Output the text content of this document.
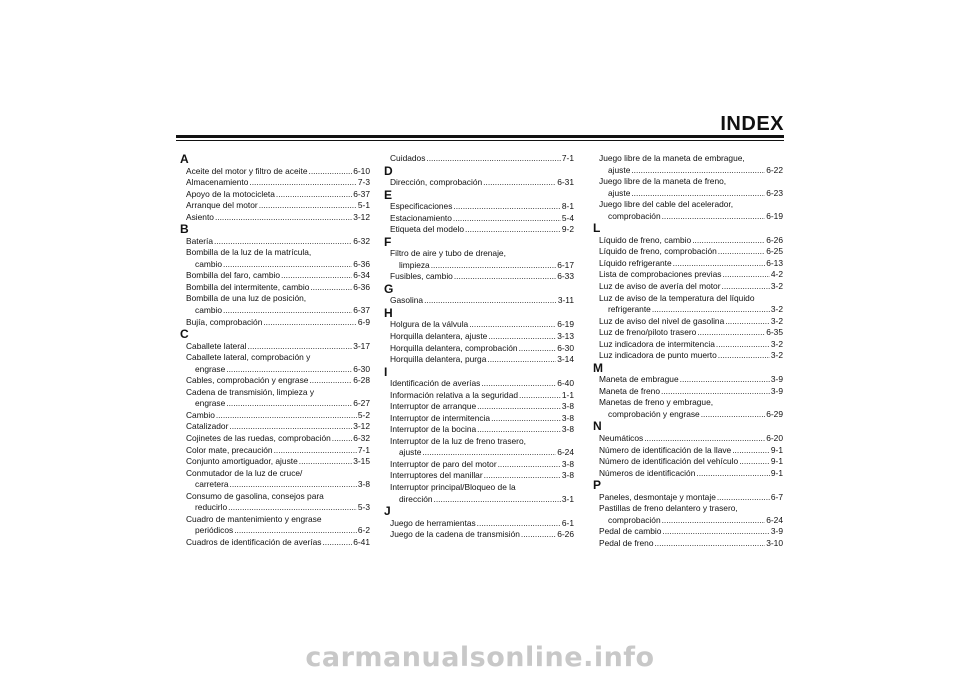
INDEX
A
Aceite del motor y filtro de aceite .....	6-10
Almacenamiento .....	7-3
Apoyo de la motocicleta .....	6-37
Arranque del motor .....	5-1
Asiento .....	3-12
B
Batería .....	6-32
Bombilla de la luz de la matrícula,
cambio .....	6-36
Bombilla del faro, cambio .....	6-34
Bombilla del intermitente, cambio .....	6-36
Bombilla de una luz de posición,
cambio .....	6-37
Bujía, comprobación .....	6-9
C
Caballete lateral .....	3-17
Caballete lateral, comprobación y
engrase .....	6-30
Cables, comprobación y engrase .....	6-28
Cadena de transmisión, limpieza y
engrase .....	6-27
Cambio .....	5-2
Catalizador .....	3-12
Cojinetes de las ruedas, comprobación .....	6-32
Color mate, precaución .....	7-1
Conjunto amortiguador, ajuste .....	3-15
Conmutador de la luz de cruce/
carretera .....	3-8
Consumo de gasolina, consejos para
reducirlo .....	5-3
Cuadro de mantenimiento y engrase
periódicos .....	6-2
Cuadros de identificación de averías .....	6-41
Cuidados .....	7-1
D
Dirección, comprobación .....	6-31
E
Especificaciones .....	8-1
Estacionamiento .....	5-4
Etiqueta del modelo .....	9-2
F
Filtro de aire y tubo de drenaje,
limpieza .....	6-17
Fusibles, cambio .....	6-33
G
Gasolina .....	3-11
H
Holgura de la válvula .....	6-19
Horquilla delantera, ajuste .....	3-13
Horquilla delantera, comprobación .....	6-30
Horquilla delantera, purga .....	3-14
I
Identificación de averías .....	6-40
Información relativa a la seguridad .....	1-1
Interruptor de arranque .....	3-8
Interruptor de intermitencia .....	3-8
Interruptor de la bocina .....	3-8
Interruptor de la luz de freno trasero,
ajuste .....	6-24
Interruptor de paro del motor .....	3-8
Interruptores del manillar .....	3-8
Interruptor principal/Bloqueo de la
dirección .....	3-1
J
Juego de herramientas .....	6-1
Juego de la cadena de transmisión .....	6-26
Juego libre de la maneta de embrague,
ajuste .....	6-22
Juego libre de la maneta de freno,
ajuste .....	6-23
Juego libre del cable del acelerador,
comprobación .....	6-19
L
Líquido de freno, cambio .....	6-26
Líquido de freno, comprobación .....	6-25
Líquido refrigerante .....	6-13
Lista de comprobaciones previas .....	4-2
Luz de aviso de avería del motor .....	3-2
Luz de aviso de la temperatura del líquido
refrigerante .....	3-2
Luz de aviso del nivel de gasolina .....	3-2
Luz de freno/piloto trasero .....	6-35
Luz indicadora de intermitencia .....	3-2
Luz indicadora de punto muerto .....	3-2
M
Maneta de embrague .....	3-9
Maneta de freno .....	3-9
Manetas de freno y embrague,
comprobación y engrase .....	6-29
N
Neumáticos .....	6-20
Número de identificación de la llave .....	9-1
Número de identificación del vehículo .....	9-1
Números de identificación .....	9-1
P
Paneles, desmontaje y montaje .....	6-7
Pastillas de freno delantero y trasero,
comprobación .....	6-24
Pedal de cambio .....	3-9
Pedal de freno .....	3-10
carmanualsonline.info
